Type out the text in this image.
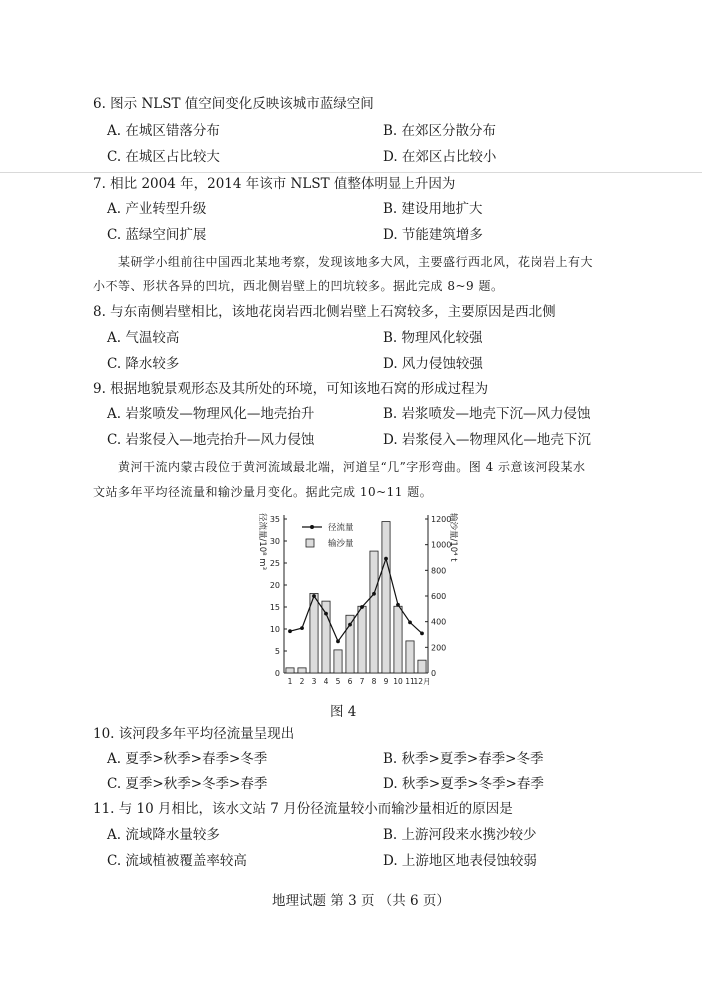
6. 图示 NLST 值空间变化反映该城市蓝绿空间
A. 在城区错落分布	B. 在郊区分散分布
C. 在城区占比较大	D. 在郊区占比较小
7. 相比 2004 年，2014 年该市 NLST 值整体明显上升因为
A. 产业转型升级	B. 建设用地扩大
C. 蓝绿空间扩展	D. 节能建筑增多
某研学小组前往中国西北某地考察，发现该地多大风，主要盛行西北风，花岗岩上有大
小不等、形状各异的凹坑，西北侧岩壁上的凹坑较多。据此完成 8~9 题。
8. 与东南侧岩壁相比，该地花岗岩西北侧岩壁上石窝较多，主要原因是西北侧
A. 气温较高	B. 物理风化较强
C. 降水较多	D. 风力侵蚀较强
9. 根据地貌景观形态及其所处的环境，可知该地石窝的形成过程为
A. 岩浆喷发—物理风化—地壳抬升	B. 岩浆喷发—地壳下沉—风力侵蚀
C. 岩浆侵入—地壳抬升—风力侵蚀	D. 岩浆侵入—物理风化—地壳下沉
黄河干流内蒙古段位于黄河流域最北端，河道呈“几”字形弯曲。图 4 示意该河段某水
文站多年平均径流量和输沙量月变化。据此完成 10~11 题。
0
5
10
15
20
25
30
35
0
200
400
600
800
1000
1200
1 2 3 4 5 6 7 8 9 10 11
12月
径流量/10⁸ m³	输沙量/10⁴ t
径流量
输沙量
图 4
10. 该河段多年平均径流量呈现出
A. 夏季>秋季>春季>冬季	B. 秋季>夏季>春季>冬季
C. 夏季>秋季>冬季>春季	D. 秋季>夏季>冬季>春季
11. 与 10 月相比，该水文站 7 月份径流量较小而输沙量相近的原因是
A. 流域降水量较多	B. 上游河段来水携沙较少
C. 流域植被覆盖率较高	D. 上游地区地表侵蚀较弱
地理试题 第 3 页 （共 6 页）
